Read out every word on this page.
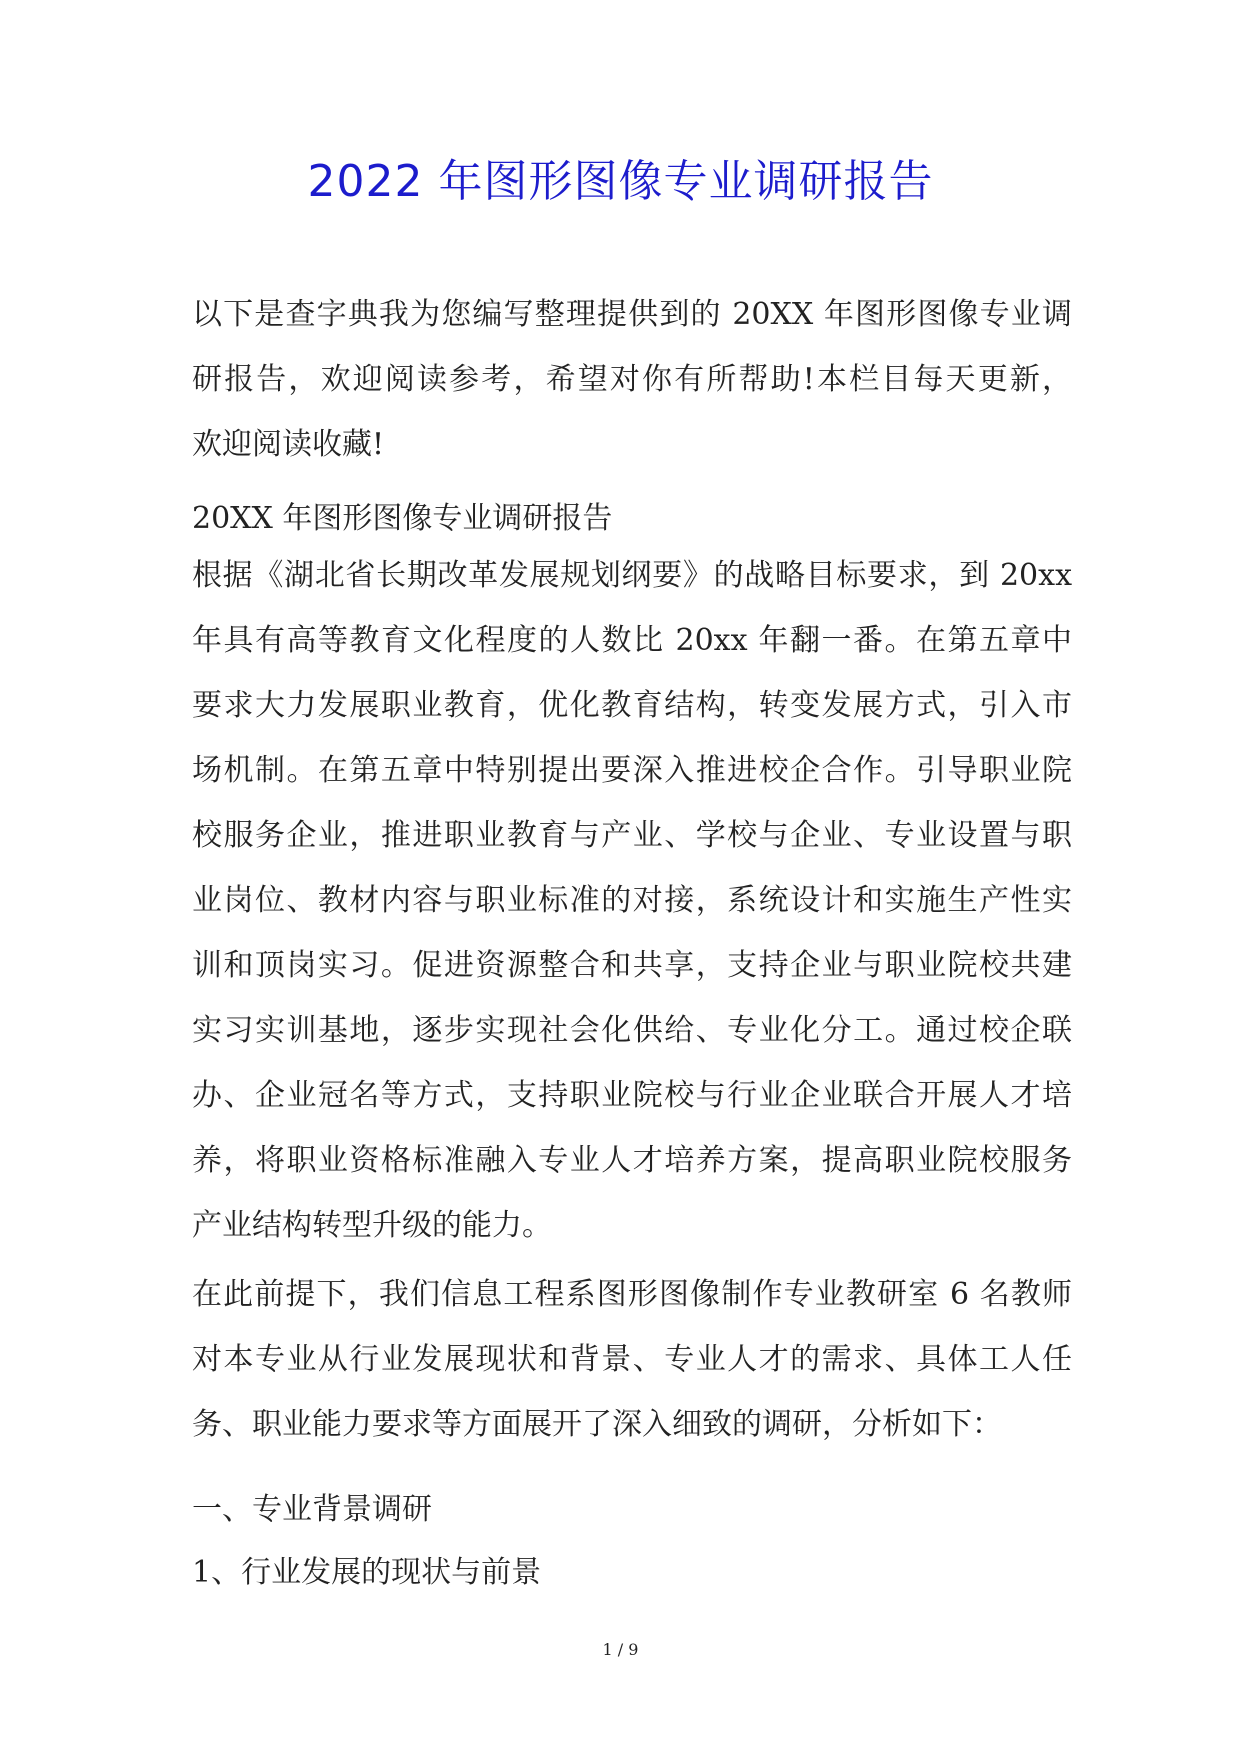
2022 年图形图像专业调研报告

以下是查字典我为您编写整理提供到的 20XX 年图形图像专业调
研报告，欢迎阅读参考，希望对你有所帮助!本栏目每天更新，
欢迎阅读收藏!

20XX 年图形图像专业调研报告

根据《湖北省长期改革发展规划纲要》的战略目标要求，到 20xx
年具有高等教育文化程度的人数比 20xx 年翻一番。在第五章中
要求大力发展职业教育，优化教育结构，转变发展方式，引入市
场机制。在第五章中特别提出要深入推进校企合作。引导职业院
校服务企业，推进职业教育与产业、学校与企业、专业设置与职
业岗位、教材内容与职业标准的对接，系统设计和实施生产性实
训和顶岗实习。促进资源整合和共享，支持企业与职业院校共建
实习实训基地，逐步实现社会化供给、专业化分工。通过校企联
办、企业冠名等方式，支持职业院校与行业企业联合开展人才培
养，将职业资格标准融入专业人才培养方案，提高职业院校服务
产业结构转型升级的能力。

在此前提下，我们信息工程系图形图像制作专业教研室 6 名教师
对本专业从行业发展现状和背景、专业人才的需求、具体工人任
务、职业能力要求等方面展开了深入细致的调研，分析如下：

一、专业背景调研

1、行业发展的现状与前景

1 / 9
